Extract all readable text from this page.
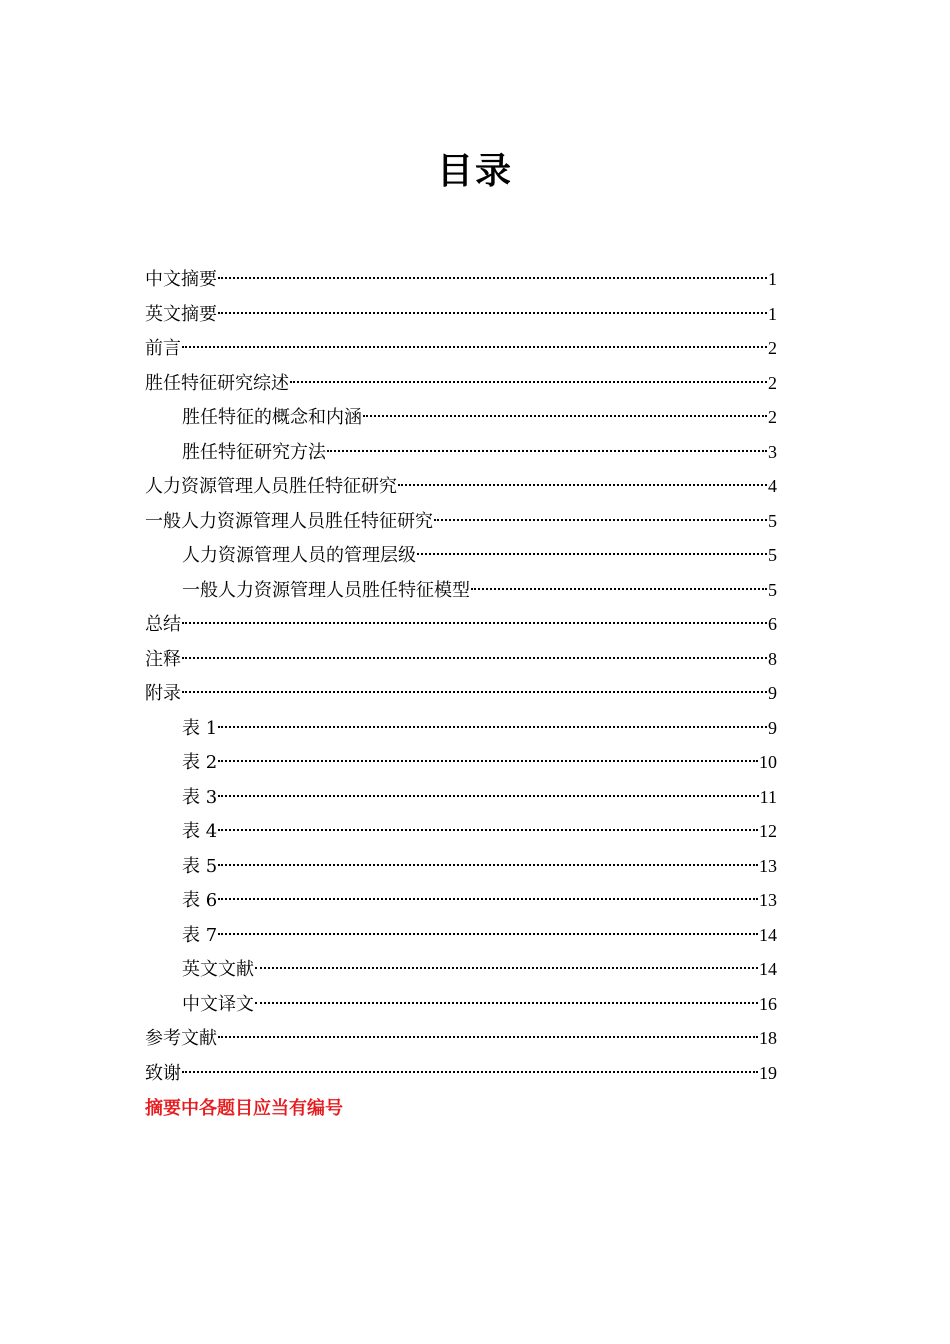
目录
中文摘要	1
英文摘要	1
前言	2
胜任特征研究综述	2
胜任特征的概念和内涵	2
胜任特征研究方法	3
人力资源管理人员胜任特征研究	4
一般人力资源管理人员胜任特征研究	5
人力资源管理人员的管理层级	5
一般人力资源管理人员胜任特征模型	5
总结	6
注释	8
附录	9
表 1	9
表 2	10
表 3	11
表 4	12
表 5	13
表 6	13
表 7	14
英文文献	14
中文译文	16
参考文献	18
致谢	19
摘要中各题目应当有编号
